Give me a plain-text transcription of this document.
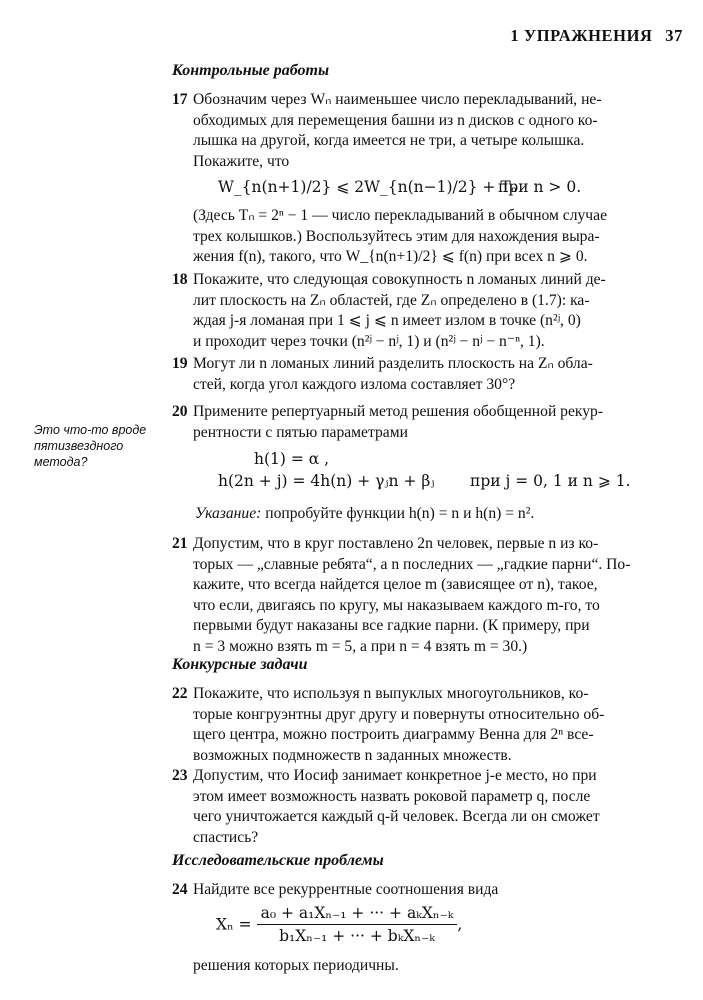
1 УПРАЖНЕНИЯ 37
Контрольные работы
17 Обозначим через Wₙ наименьшее число перекладываний, не-
обходимых для перемещения башни из n дисков с одного ко-
лышка на другой, когда имеется не три, а четыре колышка.
Покажите, что
W_{n(n+1)/2} ⩽ 2W_{n(n−1)/2} + Tₙ
при n > 0.
(Здесь Tₙ = 2ⁿ − 1 — число перекладываний в обычном случае
трех колышков.) Воспользуйтесь этим для нахождения выра-
жения f(n), такого, что W_{n(n+1)/2} ⩽ f(n) при всех n ⩾ 0.
18 Покажите, что следующая совокупность n ломаных линий де-
лит плоскость на Zₙ областей, где Zₙ определено в (1.7): ка-
ждая j-я ломаная при 1 ⩽ j ⩽ n имеет излом в точке (n²ʲ, 0)
и проходит через точки (n²ʲ − nʲ, 1) и (n²ʲ − nʲ − n⁻ⁿ, 1).
19 Могут ли n ломаных линий разделить плоскость на Zₙ обла-
стей, когда угол каждого излома составляет 30°?
Это что-то вроде
пятизвездного
метода?
20 Примените репертуарный метод решения обобщенной рекур-
рентности с пятью параметрами
h(1) = α ,
h(2n + j) = 4h(n) + γⱼn + βⱼ при j = 0, 1 и n ⩾ 1.
Указание: попробуйте функции h(n) = n и h(n) = n².
21 Допустим, что в круг поставлено 2n человек, первые n из ко-
торых — „славные ребята“, а n последних — „гадкие парни“. По-
кажите, что всегда найдется целое m (зависящее от n), такое,
что если, двигаясь по кругу, мы наказываем каждого m-го, то
первыми будут наказаны все гадкие парни. (К примеру, при
n = 3 можно взять m = 5, а при n = 4 взять m = 30.)
Конкурсные задачи
22 Покажите, что используя n выпуклых многоугольников, ко-
торые конгруэнтны друг другу и повернуты относительно об-
щего центра, можно построить диаграмму Венна для 2ⁿ все-
возможных подмножеств n заданных множеств.
23 Допустим, что Иосиф занимает конкретное j-е место, но при
этом имеет возможность назвать роковой параметр q, после
чего уничтожается каждый q-й человек. Всегда ли он сможет
спастись?
Исследовательские проблемы
24 Найдите все рекуррентные соотношения вида
$X_n = \frac{\text{a₀ + a₁Xₙ₋₁ + ··· + aₖXₙ₋ₖ}}{\text{b₁Xₙ₋₁ + ··· + bₖXₙ₋ₖ}}$ ,
решения которых периодичны.
